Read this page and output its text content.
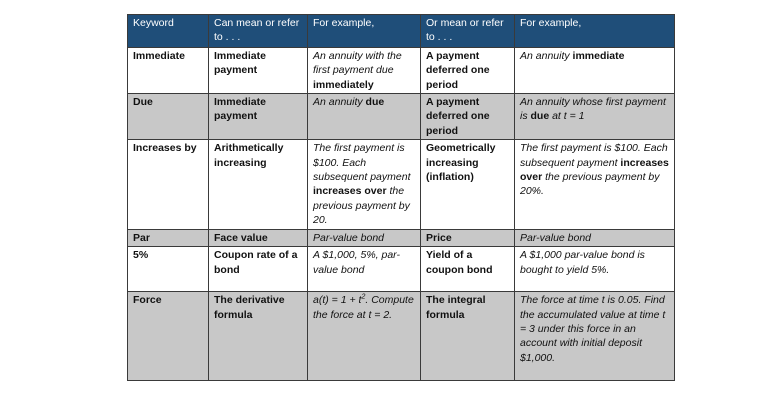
Keyword	Can mean or refer to . . .	For example,	Or mean or refer to . . .	For example,
Immediate	Immediate payment	An annuity with the first payment due immediately	A payment deferred one period	An annuity immediate
Due	Immediate payment	An annuity due	A payment deferred one period	An annuity whose first payment is due at t = 1
Increases by	Arithmetically increasing	The first payment is $100. Each subsequent payment increases over the previous payment by 20.	Geometrically increasing (inflation)	The first payment is $100. Each subsequent payment increases over the previous payment by 20%.
Par	Face value	Par-value bond	Price	Par-value bond
5%	Coupon rate of a bond	A $1,000, 5%, par-value bond	Yield of a coupon bond	A $1,000 par-value bond is bought to yield 5%.
Force	The derivative formula	$a(t) = 1 + t^2$. Compute the force at t = 2.	The integral formula	The force at time t is 0.05. Find the accumulated value at time t = 3 under this force in an account with initial deposit $1,000.
